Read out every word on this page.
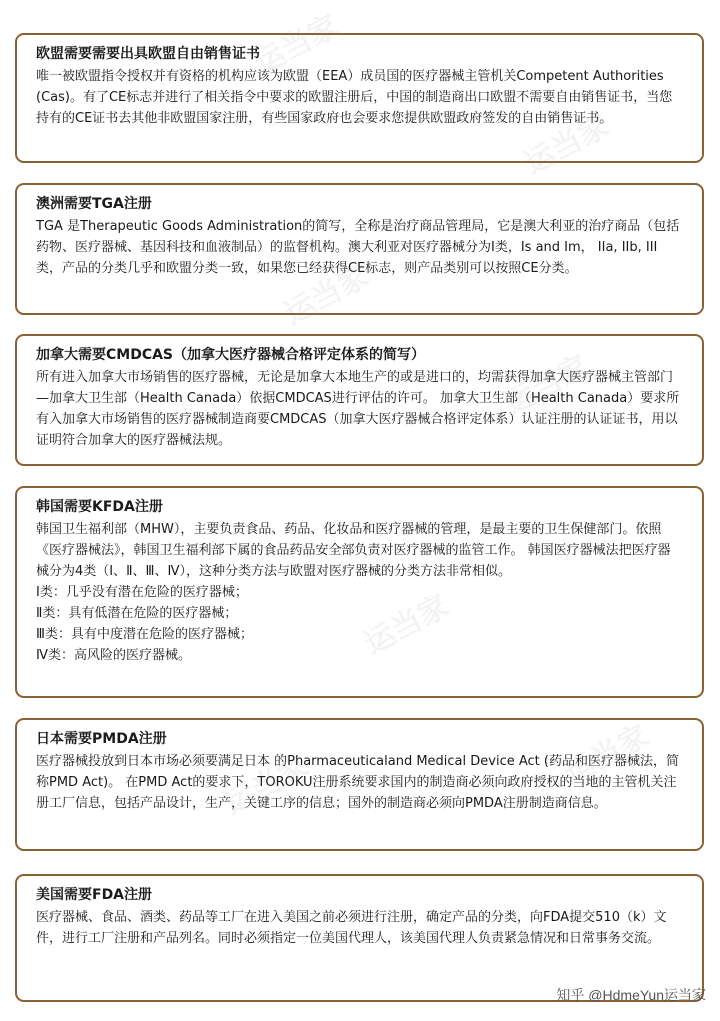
欧盟需要需要出具欧盟自由销售证书

唯一被欧盟指令授权并有资格的机构应该为欧盟（EEA）成员国的医疗器械主管机关Competent Authorities (Cas)。有了CE标志并进行了相关指令中要求的欧盟注册后，中国的制造商出口欧盟不需要自由销售证书，当您持有的CE证书去其他非欧盟国家注册，有些国家政府也会要求您提供欧盟政府签发的自由销售证书。

澳洲需要TGA注册

TGA 是Therapeutic Goods Administration的简写，全称是治疗商品管理局，它是澳大利亚的治疗商品（包括药物、医疗器械、基因科技和血液制品）的监督机构。澳大利亚对医疗器械分为I类，Is and Im， IIa, IIb, III类，产品的分类几乎和欧盟分类一致，如果您已经获得CE标志，则产品类别可以按照CE分类。

加拿大需要CMDCAS（加拿大医疗器械合格评定体系的简写）

所有进入加拿大市场销售的医疗器械，无论是加拿大本地生产的或是进口的，均需获得加拿大医疗器械主管部门—加拿大卫生部（Health Canada）依据CMDCAS进行评估的许可。 加拿大卫生部（Health Canada）要求所有入加拿大市场销售的医疗器械制造商要CMDCAS（加拿大医疗器械合格评定体系）认证注册的认证证书，用以证明符合加拿大的医疗器械法规。

韩国需要KFDA注册

韩国卫生福利部（MHW），主要负责食品、药品、化妆品和医疗器械的管理，是最主要的卫生保健部门。依照《医疗器械法》，韩国卫生福利部下属的食品药品安全部负责对医疗器械的监管工作。 韩国医疗器械法把医疗器械分为4类（Ⅰ、Ⅱ、Ⅲ、Ⅳ），这种分类方法与欧盟对医疗器械的分类方法非常相似。

Ⅰ类：几乎没有潜在危险的医疗器械；
Ⅱ类：具有低潜在危险的医疗器械；
Ⅲ类：具有中度潜在危险的医疗器械；
Ⅳ类：高风险的医疗器械。
日本需要PMDA注册

医疗器械投放到日本市场必须要满足日本 的Pharmaceuticaland Medical Device Act (药品和医疗器械法，简称PMD Act)。 在PMD Act的要求下，TOROKU注册系统要求国内的制造商必须向政府授权的当地的主管机关注册工厂信息，包括产品设计，生产，关键工序的信息；国外的制造商必须向PMDA注册制造商信息。

美国需要FDA注册

医疗器械、食品、酒类、药品等工厂在进入美国之前必须进行注册，确定产品的分类，向FDA提交510（k）文件，进行工厂注册和产品列名。同时必须指定一位美国代理人，该美国代理人负责紧急情况和日常事务交流。

知乎 @HdmeYun运当家
